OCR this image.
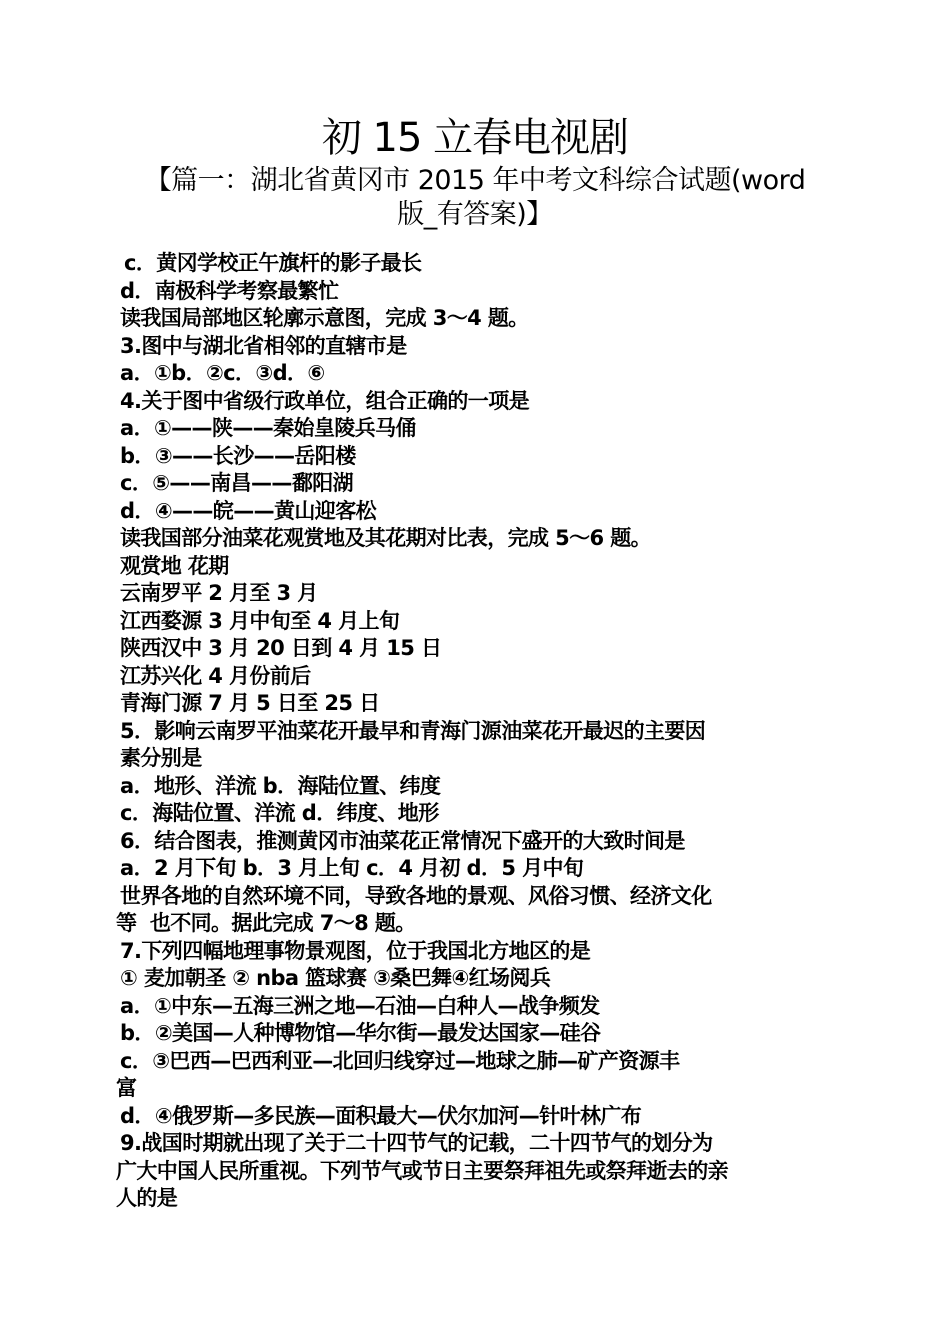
初 15 立春电视剧
【篇一：湖北省黄冈市 2015 年中考文科综合试题(word
版_有答案)】
c．黄冈学校正午旗杆的影子最长
d．南极科学考察最繁忙
读我国局部地区轮廓示意图，完成 3～4 题。
3.图中与湖北省相邻的直辖市是
a．①b．②c．③d．⑥
4.关于图中省级行政单位，组合正确的一项是
a．①——陕——秦始皇陵兵马俑
b．③——长沙——岳阳楼
c．⑤——南昌——鄱阳湖
d．④——皖——黄山迎客松
读我国部分油菜花观赏地及其花期对比表，完成 5～6 题。
观赏地 花期
云南罗平 2 月至 3 月
江西婺源 3 月中旬至 4 月上旬
陕西汉中 3 月 20 日到 4 月 15 日
江苏兴化 4 月份前后
青海门源 7 月 5 日至 25 日
5．影响云南罗平油菜花开最早和青海门源油菜花开最迟的主要因
素分别是
a．地形、洋流 b．海陆位置、纬度
c．海陆位置、洋流 d．纬度、地形
6．结合图表，推测黄冈市油菜花正常情况下盛开的大致时间是
a．2 月下旬 b．3 月上旬 c．4 月初 d．5 月中旬
世界各地的自然环境不同，导致各地的景观、风俗习惯、经济文化
等  也不同。据此完成 7～8 题。
7.下列四幅地理事物景观图，位于我国北方地区的是
① 麦加朝圣 ② nba 篮球赛 ③桑巴舞④红场阅兵
a．①中东—五海三洲之地—石油—白种人—战争频发
b．②美国—人种博物馆—华尔街—最发达国家—硅谷
c．③巴西—巴西利亚—北回归线穿过—地球之肺—矿产资源丰
富
d．④俄罗斯—多民族—面积最大—伏尔加河—针叶林广布
9.战国时期就出现了关于二十四节气的记载，二十四节气的划分为
广大中国人民所重视。下列节气或节日主要祭拜祖先或祭拜逝去的亲
人的是
